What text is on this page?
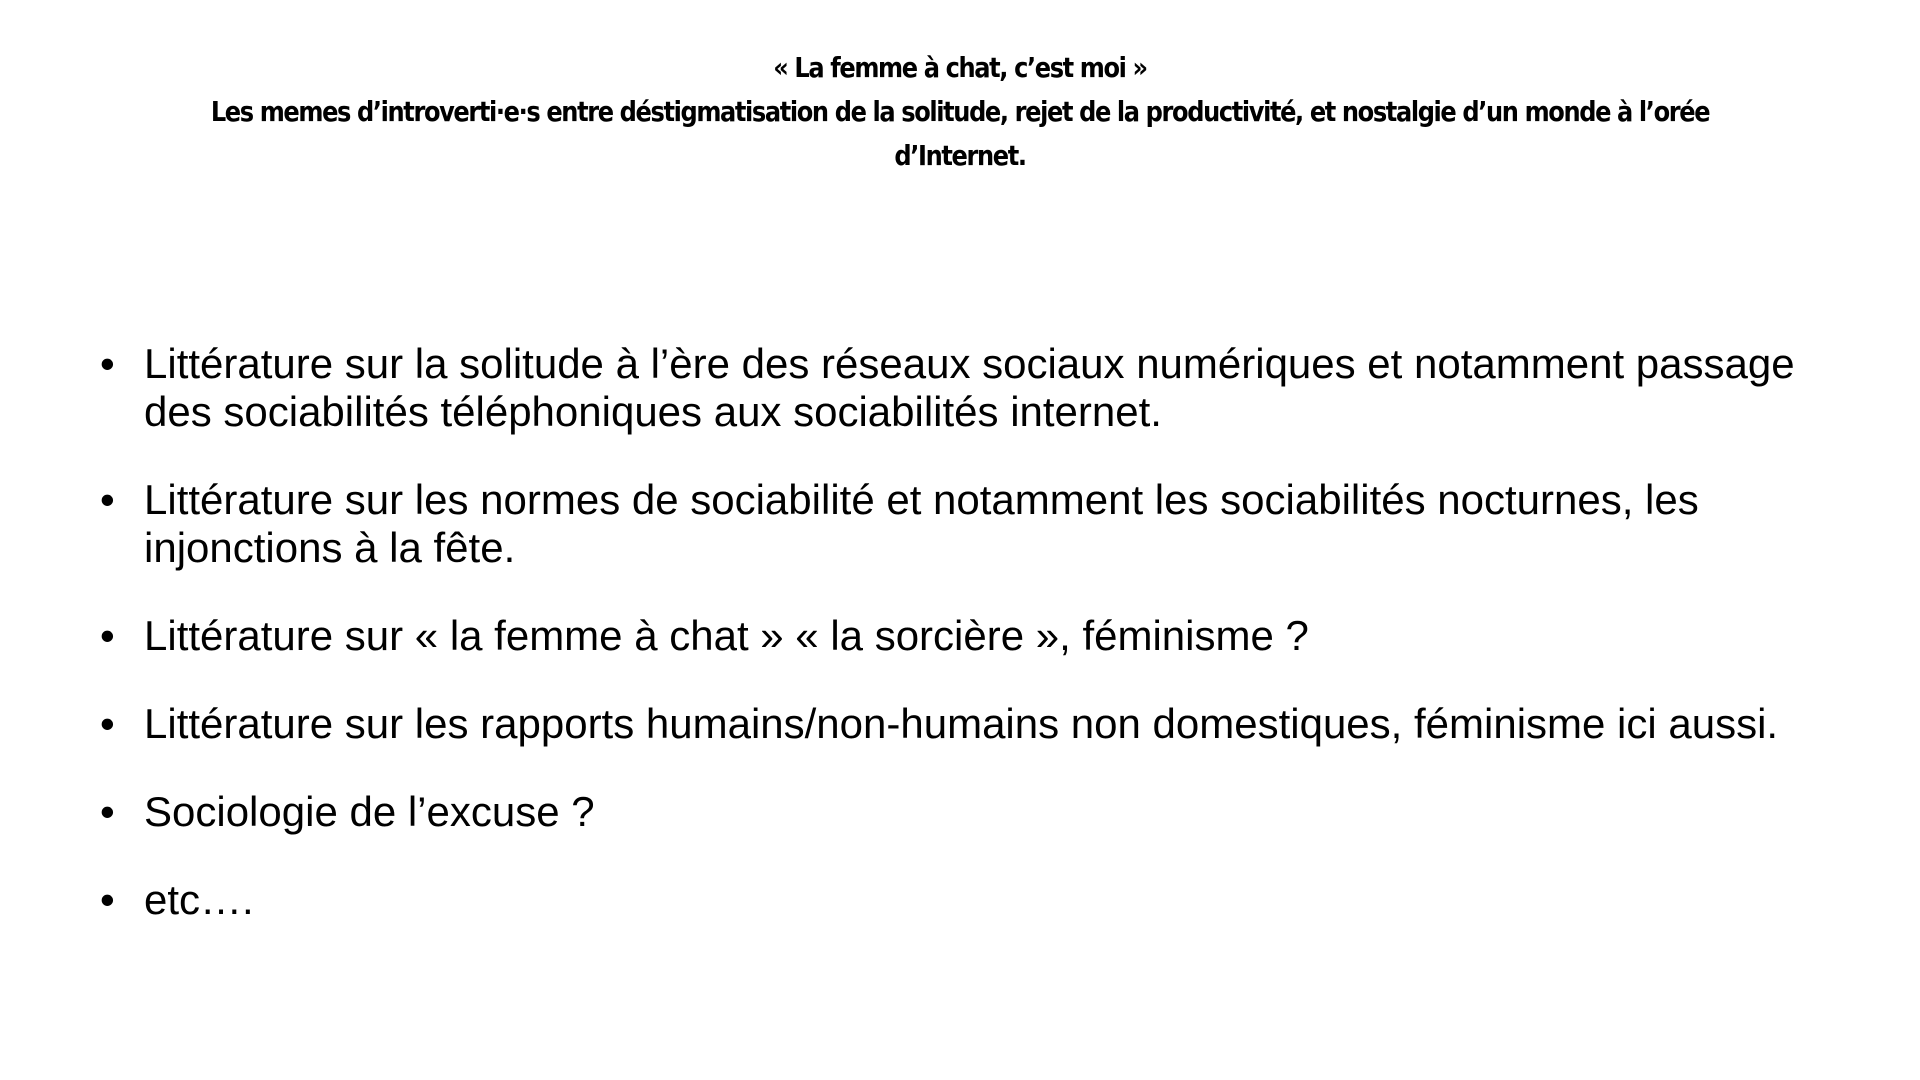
« La femme à chat, c’est moi »
Les memes d’introverti·e·s entre déstigmatisation de la solitude, rejet de la productivité, et nostalgie d’un monde à l’orée d’Internet.
• Littérature sur la solitude à l’ère des réseaux sociaux numériques et notamment passage des sociabilités téléphoniques aux sociabilités internet.
• Littérature sur les normes de sociabilité et notamment les sociabilités nocturnes, les injonctions à la fête.
• Littérature sur « la femme à chat » « la sorcière », féminisme ?
• Littérature sur les rapports humains/non-humains non domestiques, féminisme ici aussi.
• Sociologie de l’excuse ?
• etc….
